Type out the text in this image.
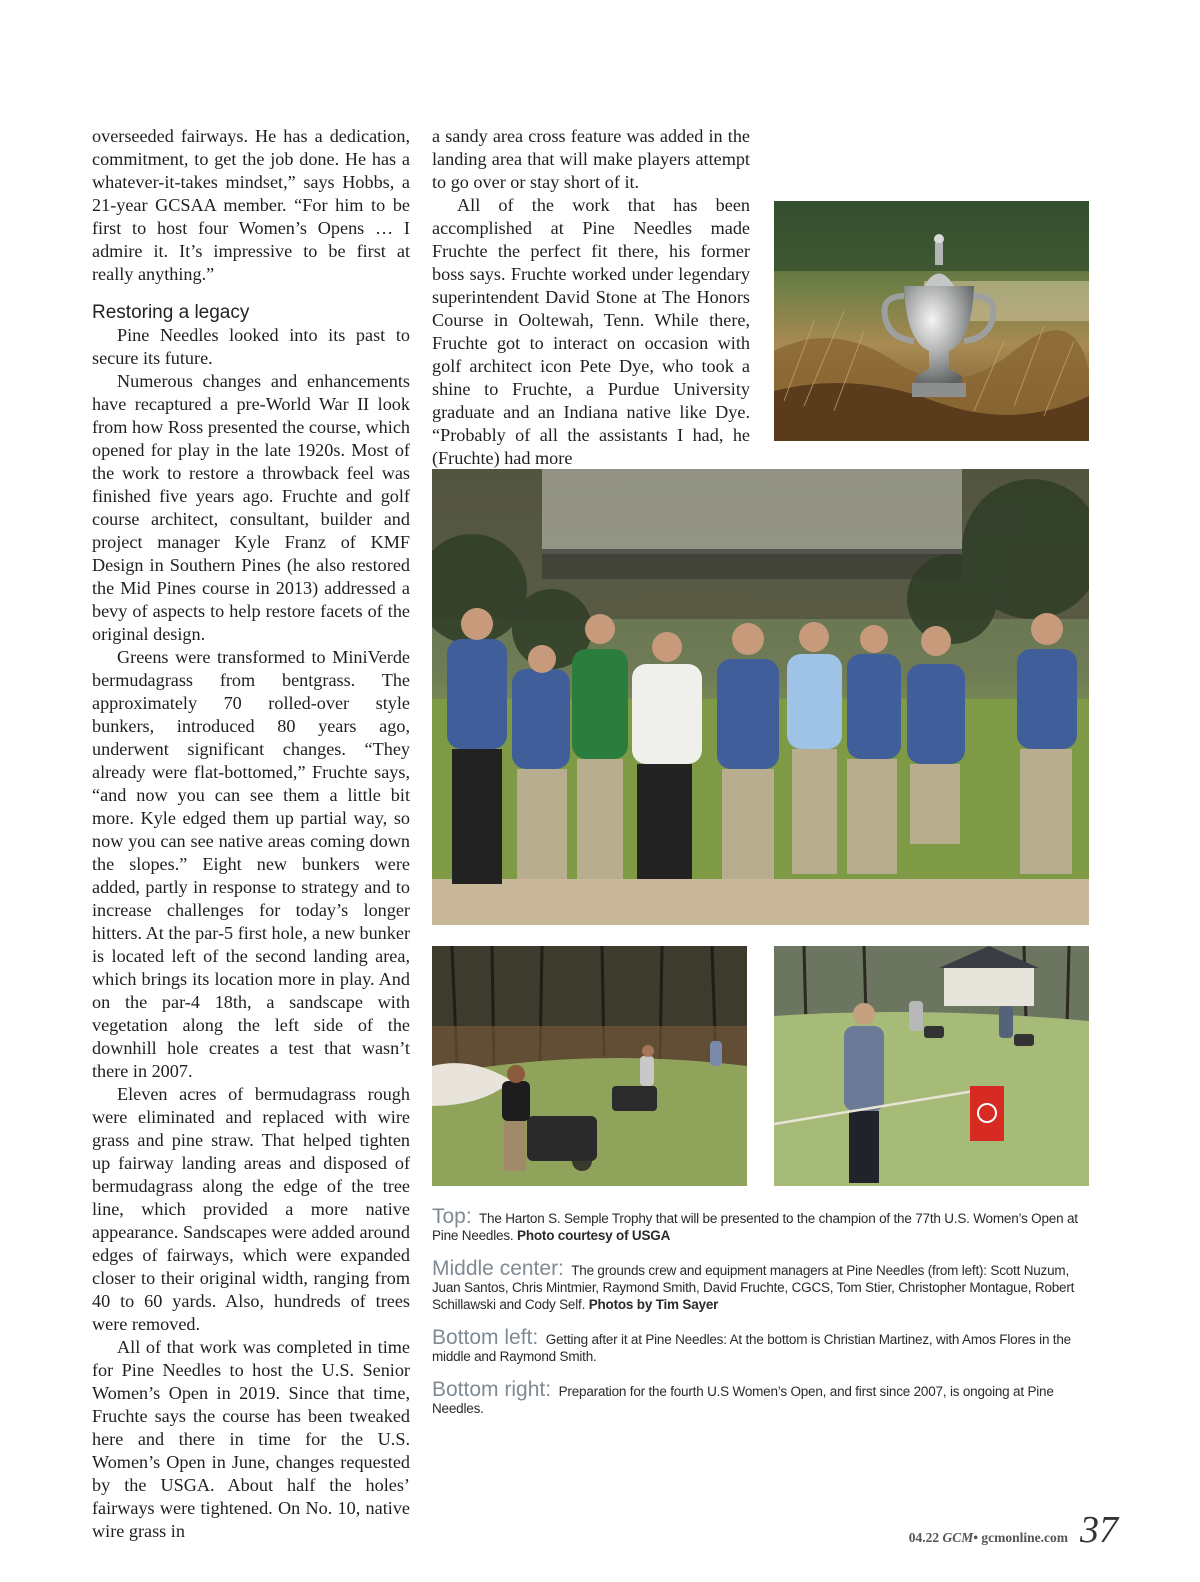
overseeded fairways. He has a dedication, commitment, to get the job done. He has a whatever-it-takes mindset,” says Hobbs, a 21-year GCSAA member. “For him to be first to host four Women’s Opens … I admire it. It’s impressive to be first at really anything.”

Restoring a legacy

Pine Needles looked into its past to secure its future.

Numerous changes and enhancements have recaptured a pre-World War II look from how Ross presented the course, which opened for play in the late 1920s. Most of the work to restore a throwback feel was finished five years ago. Fruchte and golf course architect, consultant, builder and project manager Kyle Franz of KMF Design in Southern Pines (he also restored the Mid Pines course in 2013) addressed a bevy of aspects to help restore facets of the original design.

Greens were transformed to MiniVerde bermudagrass from bentgrass. The approximately 70 rolled-over style bunkers, introduced 80 years ago, underwent significant changes. “They already were flat-bottomed,” Fruchte says, “and now you can see them a little bit more. Kyle edged them up partial way, so now you can see native areas coming down the slopes.” Eight new bunkers were added, partly in response to strategy and to increase challenges for today’s longer hitters. At the par-5 first hole, a new bunker is located left of the second landing area, which brings its location more in play. And on the par-4 18th, a sandscape with vegetation along the left side of the downhill hole creates a test that wasn’t there in 2007.

Eleven acres of bermudagrass rough were eliminated and replaced with wire grass and pine straw. That helped tighten up fairway landing areas and disposed of bermudagrass along the edge of the tree line, which provided a more native appearance. Sandscapes were added around edges of fairways, which were expanded closer to their original width, ranging from 40 to 60 yards. Also, hundreds of trees were removed.

All of that work was completed in time for Pine Needles to host the U.S. Senior Women’s Open in 2019. Since that time, Fruchte says the course has been tweaked here and there in time for the U.S. Women’s Open in June, changes requested by the USGA. About half the holes’ fairways were tightened. On No. 10, native wire grass in

a sandy area cross feature was added in the landing area that will make players attempt to go over or stay short of it.

All of the work that has been accomplished at Pine Needles made Fruchte the perfect fit there, his former boss says. Fruchte worked under legendary superintendent David Stone at The Honors Course in Ooltewah, Tenn. While there, Fruchte got to interact on occasion with golf architect icon Pete Dye, who took a shine to Fruchte, a Purdue University graduate and an Indiana native like Dye. “Probably of all the assistants I had, he (Fruchte) had more

Top: The Harton S. Semple Trophy that will be presented to the champion of the 77th U.S. Women’s Open at Pine Needles. Photo courtesy of USGA

Middle center: The grounds crew and equipment managers at Pine Needles (from left): Scott Nuzum, Juan Santos, Chris Mintmier, Raymond Smith, David Fruchte, CGCS, Tom Stier, Christopher Montague, Robert Schillawski and Cody Self. Photos by Tim Sayer

Bottom left: Getting after it at Pine Needles: At the bottom is Christian Martinez, with Amos Flores in the middle and Raymond Smith.

Bottom right: Preparation for the fourth U.S Women’s Open, and first since 2007, is ongoing at Pine Needles.

04.22 GCM• gcmonline.com 37
